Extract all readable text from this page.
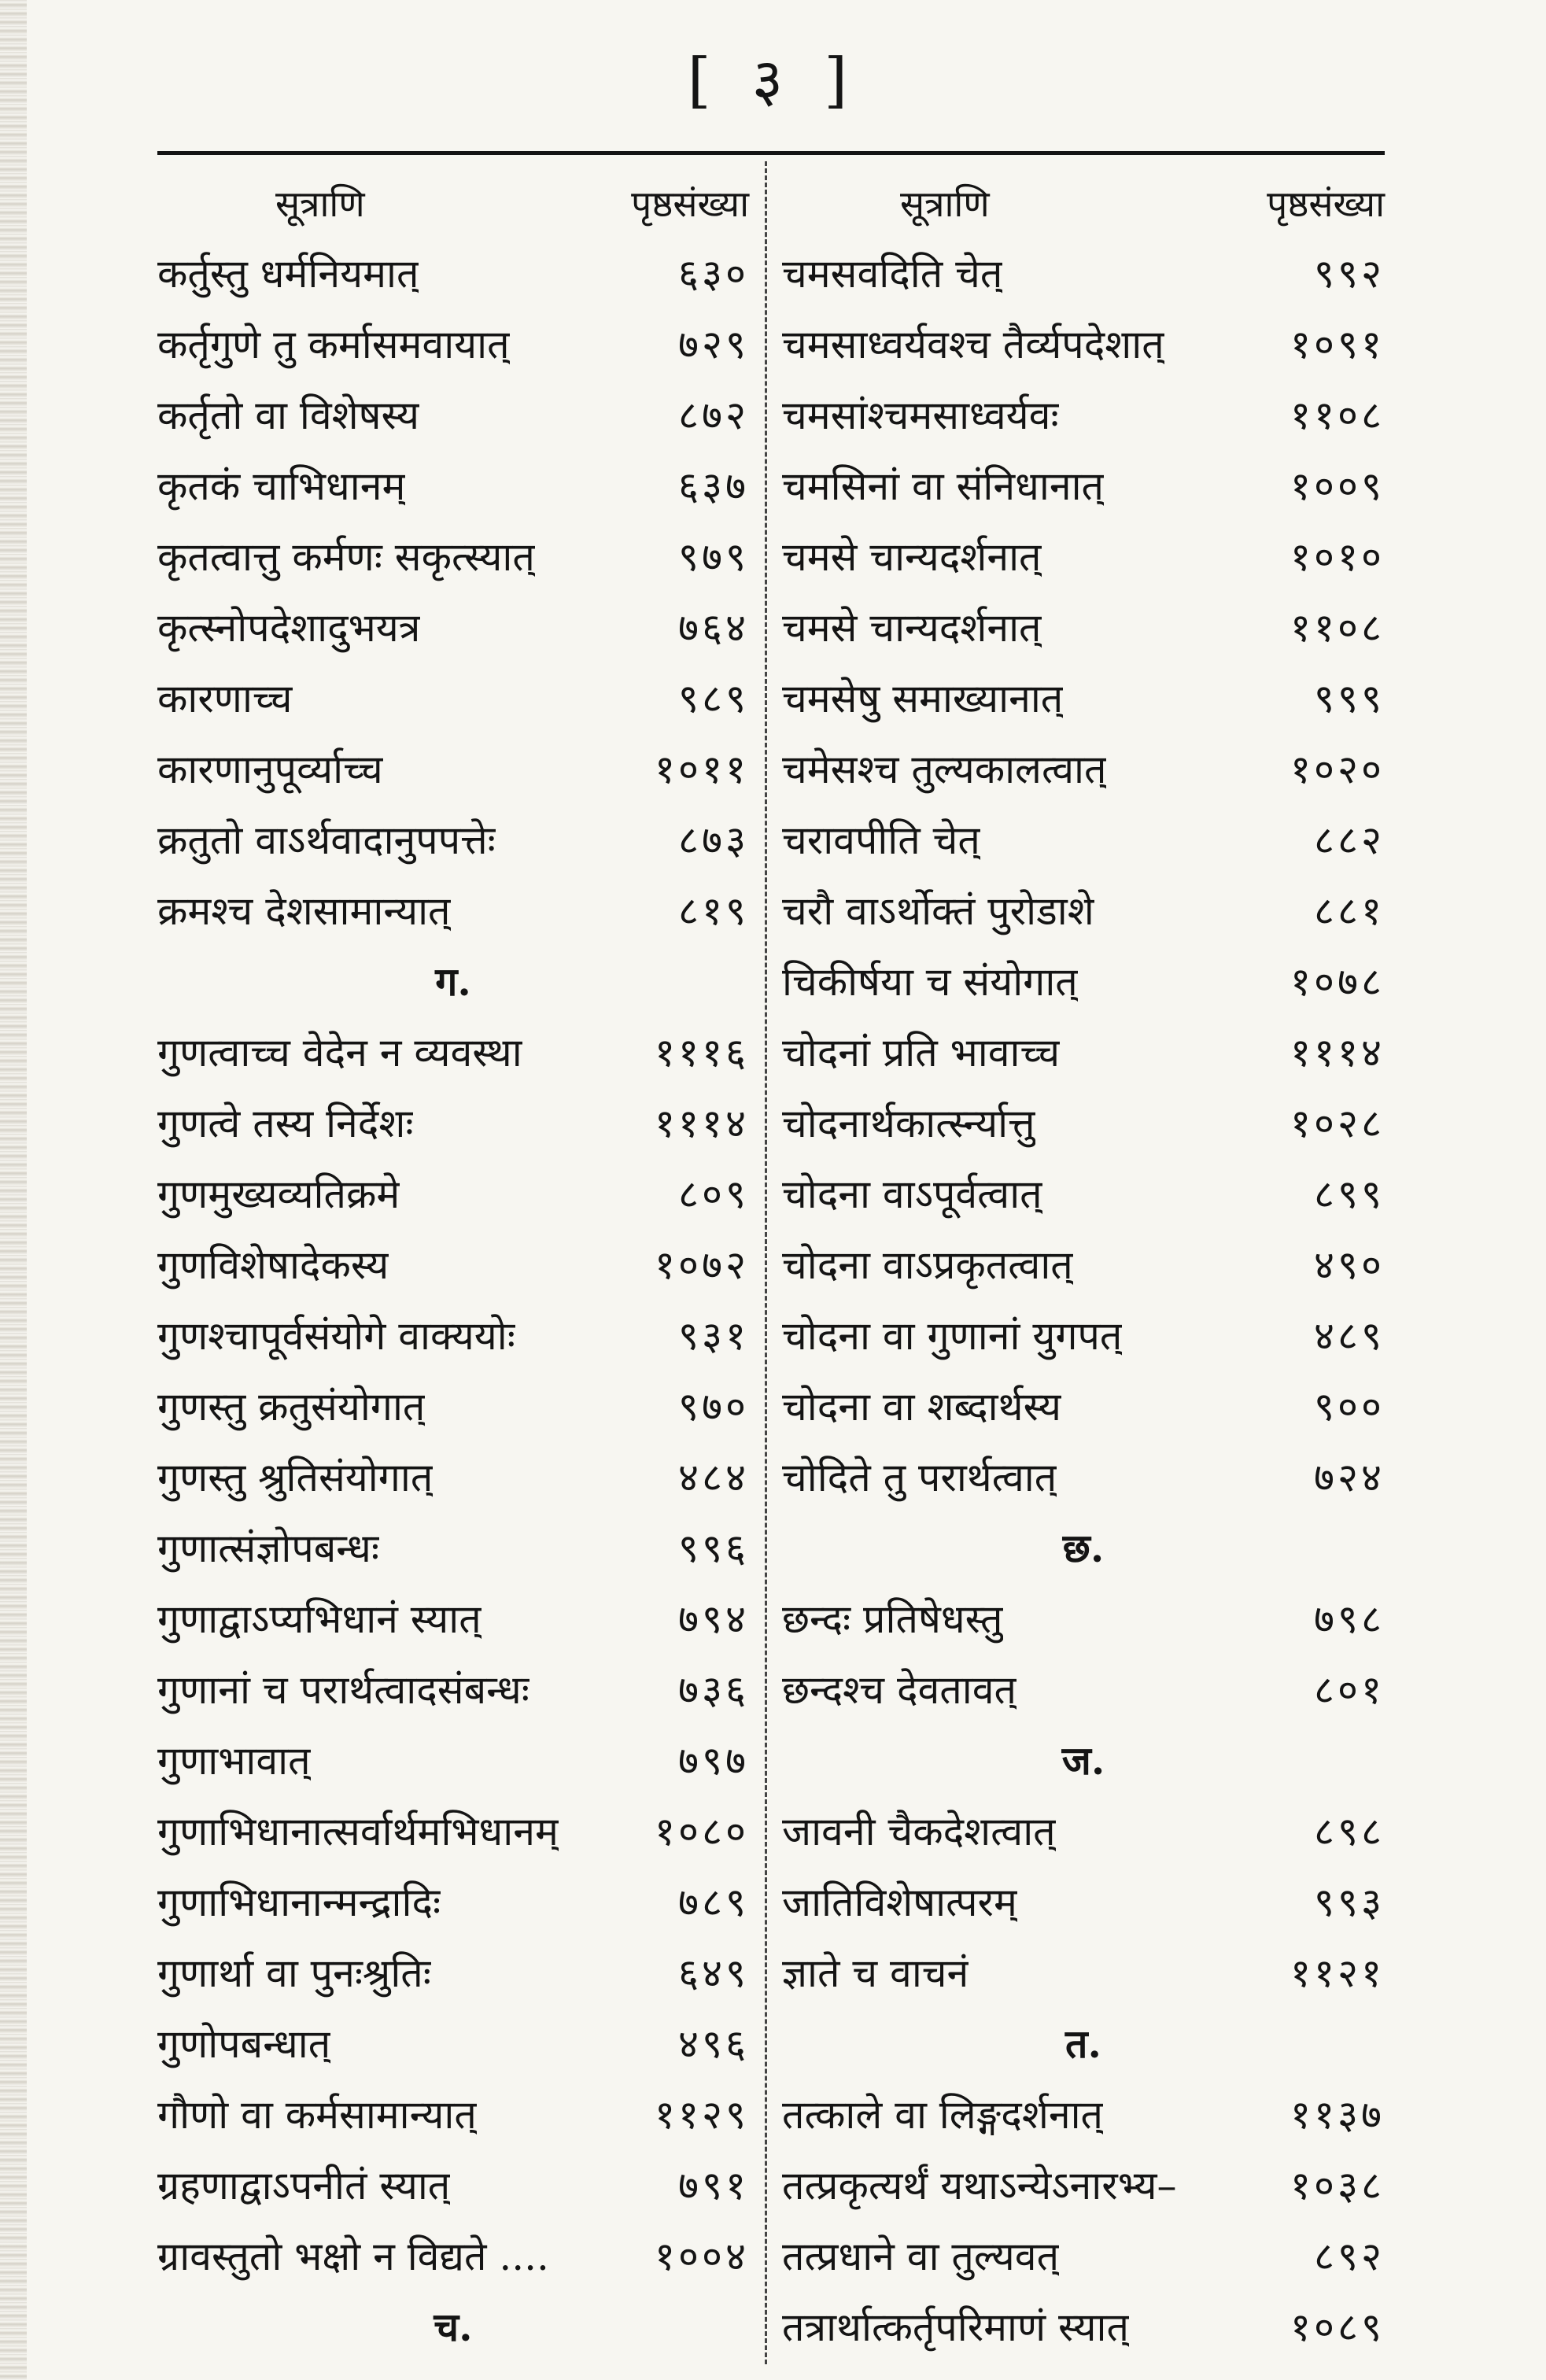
[ ३ ]
सूत्राणि	पृष्ठसंख्या
कर्तुस्तु धर्मनियमात्	६३०
कर्तृगुणे तु कर्मासमवायात्	७२९
कर्तृतो वा विशेषस्य	८७२
कृतकं चाभिधानम्	६३७
कृतत्वात्तु कर्मणः सकृत्स्यात्	९७९
कृत्स्नोपदेशादुभयत्र	७६४
कारणाच्च	९८९
कारणानुपूर्व्याच्च	१०११
क्रतुतो वाऽर्थवादानुपपत्तेः	८७३
क्रमश्च देशसामान्यात्	८१९
ग.
गुणत्वाच्च वेदेन न व्यवस्था	१११६
गुणत्वे तस्य निर्देशः	१११४
गुणमुख्यव्यतिक्रमे	८०९
गुणविशेषादेकस्य	१०७२
गुणश्चापूर्वसंयोगे वाक्ययोः	९३१
गुणस्तु क्रतुसंयोगात्	९७०
गुणस्तु श्रुतिसंयोगात्	४८४
गुणात्संज्ञोपबन्धः	९९६
गुणाद्वाऽप्यभिधानं स्यात्	७९४
गुणानां च परार्थत्वादसंबन्धः	७३६
गुणाभावात्	७९७
गुणाभिधानात्सर्वार्थमभिधानम् १०८०
गुणाभिधानान्मन्द्रादिः	७८९
गुणार्था वा पुनःश्रुतिः	६४९
गुणोपबन्धात्	४९६
गौणो वा कर्मसामान्यात्	११२९
ग्रहणाद्वाऽपनीतं स्यात्	७९१
ग्रावस्तुतो भक्षो न विद्यते ....	१००४
च.
सूत्राणि	पृष्ठसंख्या
चमसवदिति चेत्	९९२
चमसाध्वर्यवश्च तैर्व्यपदेशात्	१०९१
चमसांश्चमसाध्वर्यवः	११०८
चमसिनां वा संनिधानात्	१००९
चमसे चान्यदर्शनात्	१०१०
चमसे चान्यदर्शनात्	११०८
चमसेषु समाख्यानात्	९९९
चमेसश्च तुल्यकालत्वात्	१०२०
चरावपीति चेत्	८८२
चरौ वाऽर्थोक्तं पुरोडाशे	८८१
चिकीर्षया च संयोगात्	१०७८
चोदनां प्रति भावाच्च	१११४
चोदनार्थकार्त्स्न्यात्तु	१०२८
चोदना वाऽपूर्वत्वात्	८९९
चोदना वाऽप्रकृतत्वात्	४९०
चोदना वा गुणानां युगपत्	४८९
चोदना वा शब्दार्थस्य	९००
चोदिते तु परार्थत्वात्	७२४
छ.
छन्दः प्रतिषेधस्तु	७९८
छन्दश्च देवतावत्	८०१
ज.
जावनी चैकदेशत्वात्	८९८
जातिविशेषात्परम्	९९३
ज्ञाते च वाचनं	११२१
त.
तत्काले वा लिङ्गदर्शनात्	११३७
तत्प्रकृत्यर्थं यथाऽन्येऽनारभ्य–	१०३८
तत्प्रधाने वा तुल्यवत्	८९२
तत्रार्थात्कर्तृपरिमाणं स्यात्	१०८९
